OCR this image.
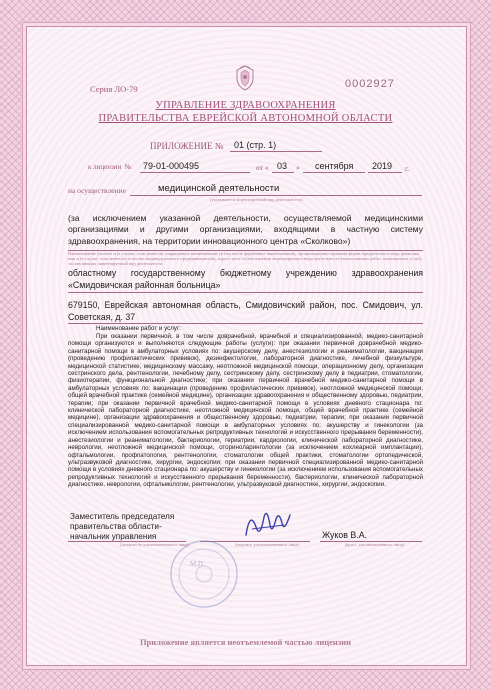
Серия ЛО-79	0002927
УПРАВЛЕНИЕ ЗДРАВООХРАНЕНИЯ
ПРАВИТЕЛЬСТВА ЕВРЕЙСКОЙ АВТОНОМНОЙ ОБЛАСТИ
ПРИЛОЖЕНИЕ № 01 (стр. 1)
к лицензии № 79-01-000495	от « 03 » сентября 2019 г.
на осуществление	медицинской деятельности
(указывается лицензируемый вид деятельности)
(за исключением указанной деятельности, осуществляемой медицинскими организациями и другими организациями, входящими в частную систему здравоохранения, на территории инновационного центра «Сколково»)
Наименование (полное и (в случае, если имеется) сокращенное наименование (в том числе фирменное наименование), организационно-правовая форма юридического лица, фамилия, имя и (в случае, если имеется) отчество индивидуального предпринимателя), адреса мест осуществления лицензируемого вида деятельности (выполняемых работ, оказываемых услуг), составляющих лицензируемый вид деятельности
областному государственному бюджетному учреждению здравоохранения «Смидовичская районная больница»
679150, Еврейская автономная область, Смидовичский район, пос. Смидович, ул. Советская, д. 37
Наименование работ и услуг:
При оказании первичной, в том числе доврачебной, врачебной и специализированной, медико-санитарной помощи организуются и выполняются следующие работы (услуги): при оказании первичной доврачебной медико-санитарной помощи в амбулаторных условиях по: акушерскому делу, анестезиологии и реаниматологии, вакцинации (проведению профилактических прививок), дезинфектологии, лабораторной диагностике, лечебной физкультуре, медицинской статистике, медицинскому массажу, неотложной медицинской помощи, операционному делу, организации сестринского дела, рентгенологии, лечебному делу, сестринскому делу, сестринскому делу в педиатрии, стоматологии, физиотерапии, функциональной диагностике; при оказании первичной врачебной медико-санитарной помощи в амбулаторных условиях по: вакцинации (проведению профилактических прививок), неотложной медицинской помощи, общей врачебной практике (семейной медицине), организации здравоохранения и общественному здоровью, педиатрии, терапии; при оказании первичной врачебной медико-санитарной помощи в условиях дневного стационара по: клинической лабораторной диагностике, неотложной медицинской помощи, общей врачебной практике (семейной медицине), организации здравоохранения и общественному здоровью, педиатрии, терапии; при оказании первичной специализированной медико-санитарной помощи в амбулаторных условиях по: акушерству и гинекологии (за исключением использования вспомогательных репродуктивных технологий и искусственного прерывания беременности), анестезиологии и реаниматологии, бактериологии, гериатрии, кардиологии, клинической лабораторной диагностике, неврологии, неотложной медицинской помощи, оториноларингологии (за исключением кохлеарной имплантации), офтальмологии, профпатологии, рентгенологии, стоматологии общей практики, стоматологии ортопедической, ультразвуковой диагностике, хирургии, эндоскопии; при оказании первичной специализированной медико-санитарной помощи в условиях дневного стационара по: акушерству и гинекологии (за исключением использования вспомогательных репродуктивных технологий и искусственного прерывания беременности), бактериологии, клинической лабораторной диагностике, неврологии, офтальмологии, рентгенологии, ультразвуковой диагностике, хирургии, эндоскопии.
Заместитель председателя правительства области-начальник управления
(должность уполномоченного лица)	(подпись уполномоченного лица)
Жуков В.А.
(ф.и.о. уполномоченного лица)
М.П.
Приложение является неотъемлемой частью лицензии
